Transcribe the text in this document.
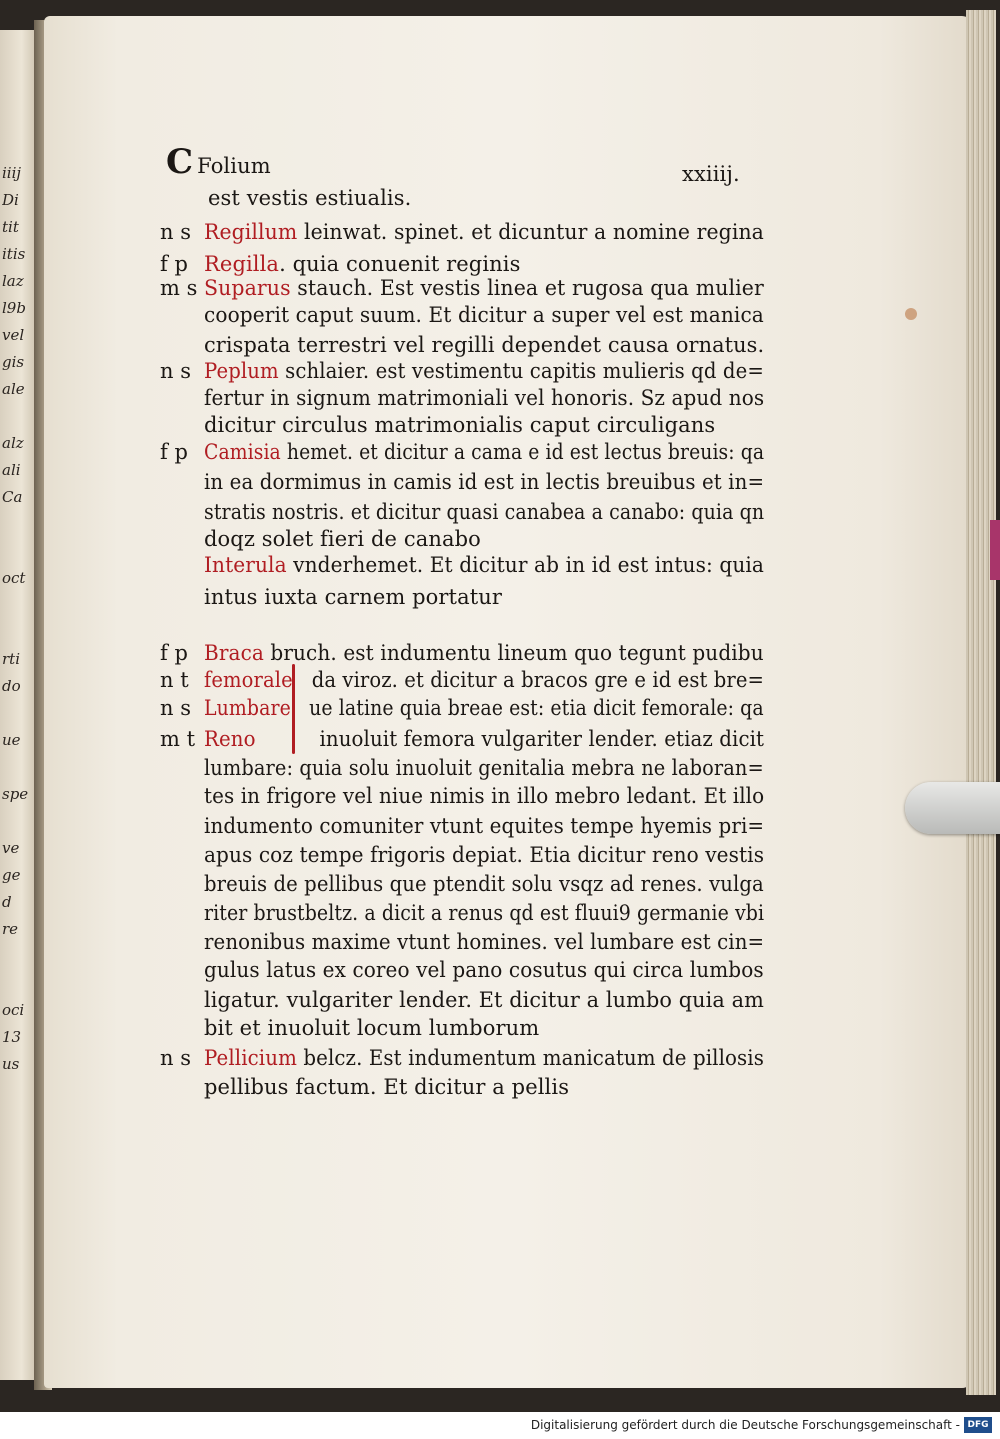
iiij
Di
tit
itis
laz
l9b
vel
gis
ale

alz
ali
Ca

oct

rti
do

ue

spe

ve
ge
d
re

oci
13
us
C Folium	xxiiij.
est vestis estiualis.
n s Regillum leinwat. spinet. et dicuntur a nomine regina
f p Regilla. quia conuenit reginis
m s Suparus stauch. Est vestis linea et rugosa qua mulier
cooperit caput suum. Et dicitur a super vel est manica
crispata terrestri vel regilli dependet causa ornatus.
n s Peplum schlaier. est vestimentu capitis mulieris qd de=
fertur in signum matrimoniali vel honoris. Sz apud nos
dicitur circulus matrimonialis caput circuligans
f p Camisia hemet. et dicitur a cama e id est lectus breuis: qa
in ea dormimus in camis id est in lectis breuibus et in=
stratis nostris. et dicitur quasi canabea a canabo: quia qn
doqz solet fieri de canabo
Interula vnderhemet. Et dicitur ab in id est intus: quia
intus iuxta carnem portatur
f p Braca bruch. est indumentu lineum quo tegunt pudibu
n t femorale   da viroz. et dicitur a bracos gre e id est bre=
n s Lumbare   ue latine quia breae est: etia dicit femorale: qa
m t Reno          inuoluit femora vulgariter lender. etiaz dicit
lumbare: quia solu inuoluit genitalia mebra ne laboran=
tes in frigore vel niue nimis in illo mebro ledant. Et illo
indumento comuniter vtunt equites tempe hyemis pri=
apus coz tempe frigoris depiat. Etia dicitur reno vestis
breuis de pellibus que ptendit solu vsqz ad renes. vulga
riter brustbeltz. a dicit a renus qd est fluui9 germanie vbi
renonibus maxime vtunt homines. vel lumbare est cin=
gulus latus ex coreo vel pano cosutus qui circa lumbos
ligatur. vulgariter lender. Et dicitur a lumbo quia am
bit et inuoluit locum lumborum
n s Pellicium belcz. Est indumentum manicatum de pillosis
pellibus factum. Et dicitur a pellis
Digitalisierung gefördert durch die Deutsche Forschungsgemeinschaft - DFG
